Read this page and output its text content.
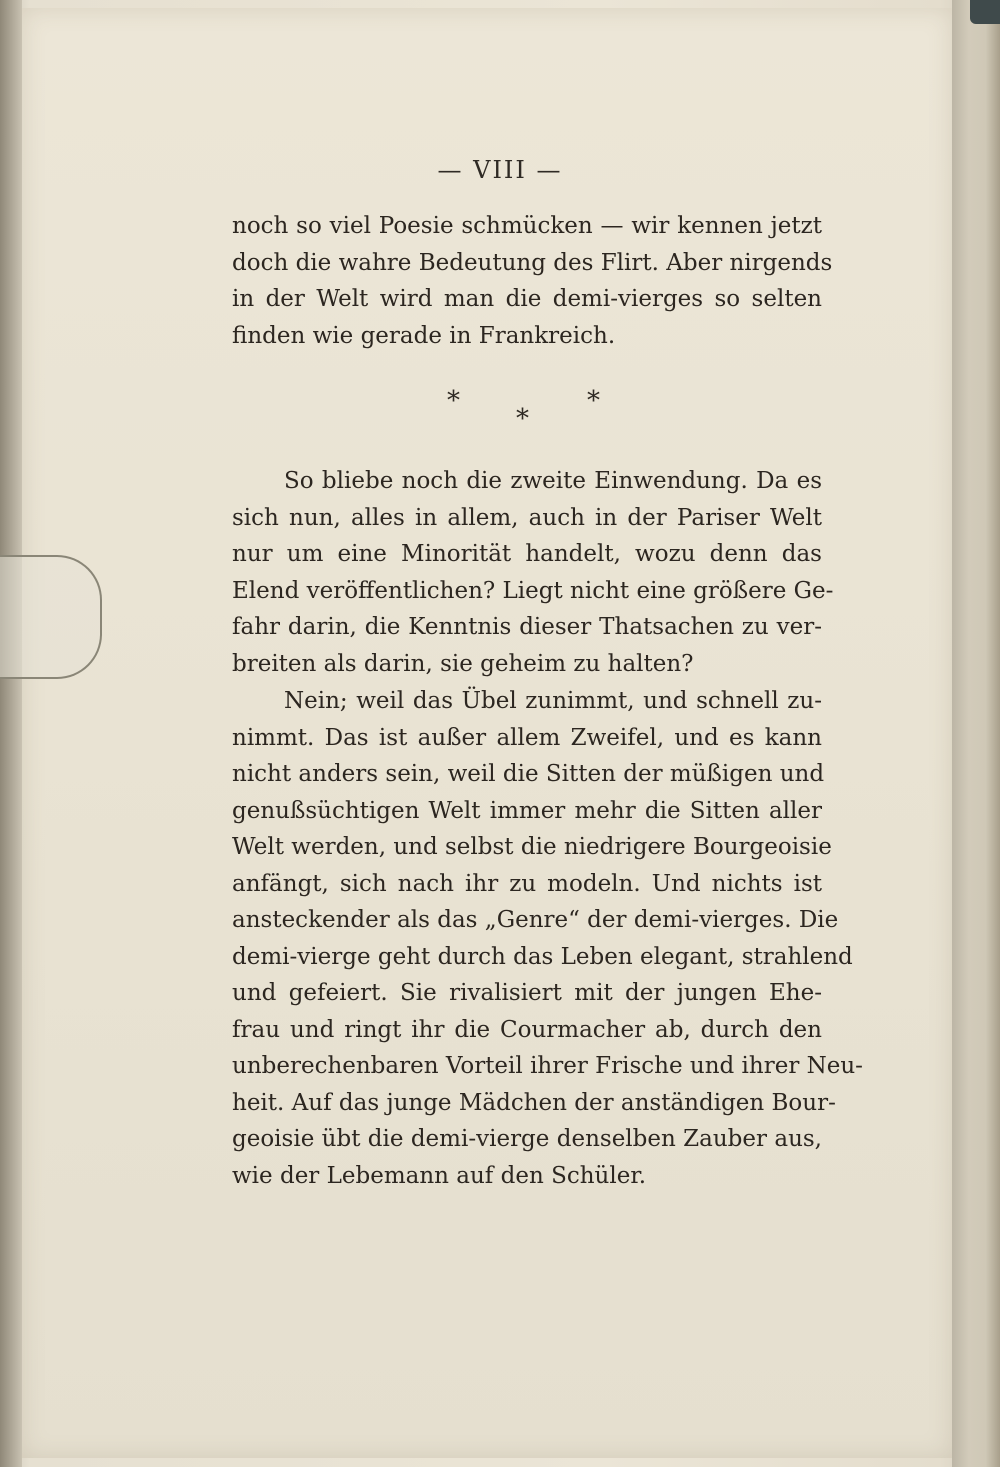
— VIII —
noch so viel Poesie schmücken — wir kennen jetzt
doch die wahre Bedeutung des Flirt. Aber nirgends
in der Welt wird man die demi-vierges so selten
finden wie gerade in Frankreich.
*	*
*
So bliebe noch die zweite Einwendung. Da es
sich nun, alles in allem, auch in der Pariser Welt
nur um eine Minorität handelt, wozu denn das
Elend veröffentlichen? Liegt nicht eine größere Ge-
fahr darin, die Kenntnis dieser Thatsachen zu ver-
breiten als darin, sie geheim zu halten?
Nein; weil das Übel zunimmt, und schnell zu-
nimmt. Das ist außer allem Zweifel, und es kann
nicht anders sein, weil die Sitten der müßigen und
genußsüchtigen Welt immer mehr die Sitten aller
Welt werden, und selbst die niedrigere Bourgeoisie
anfängt, sich nach ihr zu modeln. Und nichts ist
ansteckender als das „Genre“ der demi-vierges. Die
demi-vierge geht durch das Leben elegant, strahlend
und gefeiert. Sie rivalisiert mit der jungen Ehe-
frau und ringt ihr die Courmacher ab, durch den
unberechenbaren Vorteil ihrer Frische und ihrer Neu-
heit. Auf das junge Mädchen der anständigen Bour-
geoisie übt die demi-vierge denselben Zauber aus,
wie der Lebemann auf den Schüler.
